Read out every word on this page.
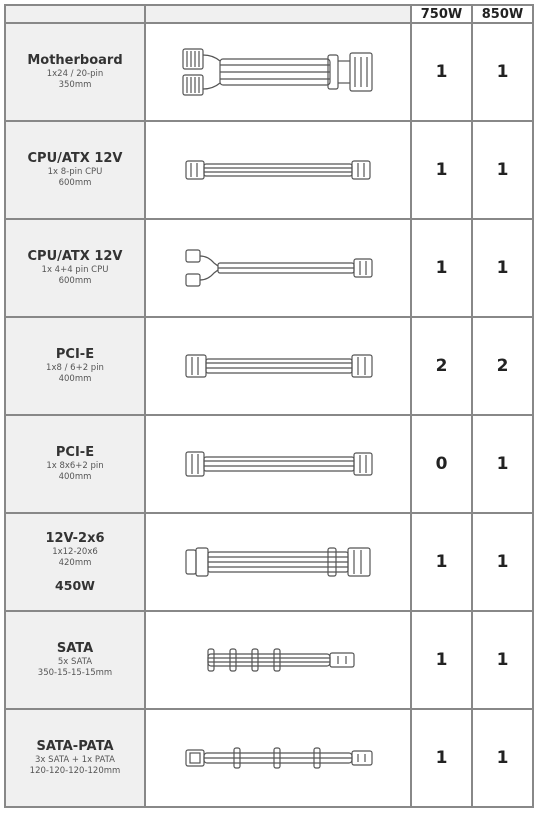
		750W	850W

Motherboard
1x24 / 20-pin
350mm		1	1

CPU/ATX 12V
1x 8-pin CPU
600mm		1	1

CPU/ATX 12V
1x 4+4 pin CPU
600mm		1	1

PCI-E
1x8 / 6+2 pin
400mm		2	2

PCI-E
1x 8x6+2 pin
400mm		0	1

12V-2x6
1x12-20x6
420mm
450W		1	1

SATA
5x SATA
350-15-15-15mm		1	1

SATA-PATA
3x SATA + 1x PATA
120-120-120-120mm		1	1
